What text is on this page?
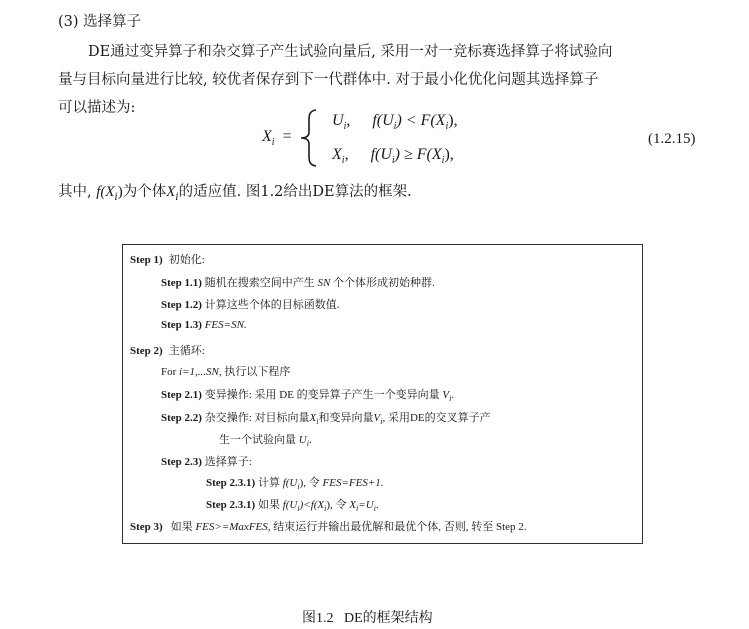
(3) 选择算子
DE通过变异算子和杂交算子产生试验向量后, 采用一对一竞标赛选择算子将试验向
量与目标向量进行比较, 较优者保存到下一代群体中. 对于最小化优化问题其选择算子
可以描述为:
$X_i$ =
$U_i$, $f(U_i) < F(X_i)$,
$X_i$, $f(U_i) \ge F(X_i)$,
(1.2.15)
其中, $f(X_i)$为个体$X_i$的适应值. 图1.2给出DE算法的框架.
Step 1) 初始化:
Step 1.1) 随机在搜索空间中产生 SN 个个体形成初始种群.
Step 1.2) 计算这些个体的目标函数值.
Step 1.3) FES=SN.
Step 2) 主循环:
For i=1,...SN, 执行以下程序
Step 2.1) 变异操作: 采用 DE 的变异算子产生一个变异向量 $V_i$.
Step 2.2) 杂交操作: 对目标向量$X_i$和变异向量$V_i$, 采用DE的交叉算子产
生一个试验向量 $U_i$.
Step 2.3) 选择算子:
Step 2.3.1) 计算 $f(U_i)$, 令 FES=FES+1.
Step 2.3.1) 如果 $f(U_i)<f(X_i)$, 令 $X_i=U_i$.
Step 3) 如果 FES>=MaxFES, 结束运行并输出最优解和最优个体, 否则, 转至 Step 2.
图1.2   DE的框架结构
